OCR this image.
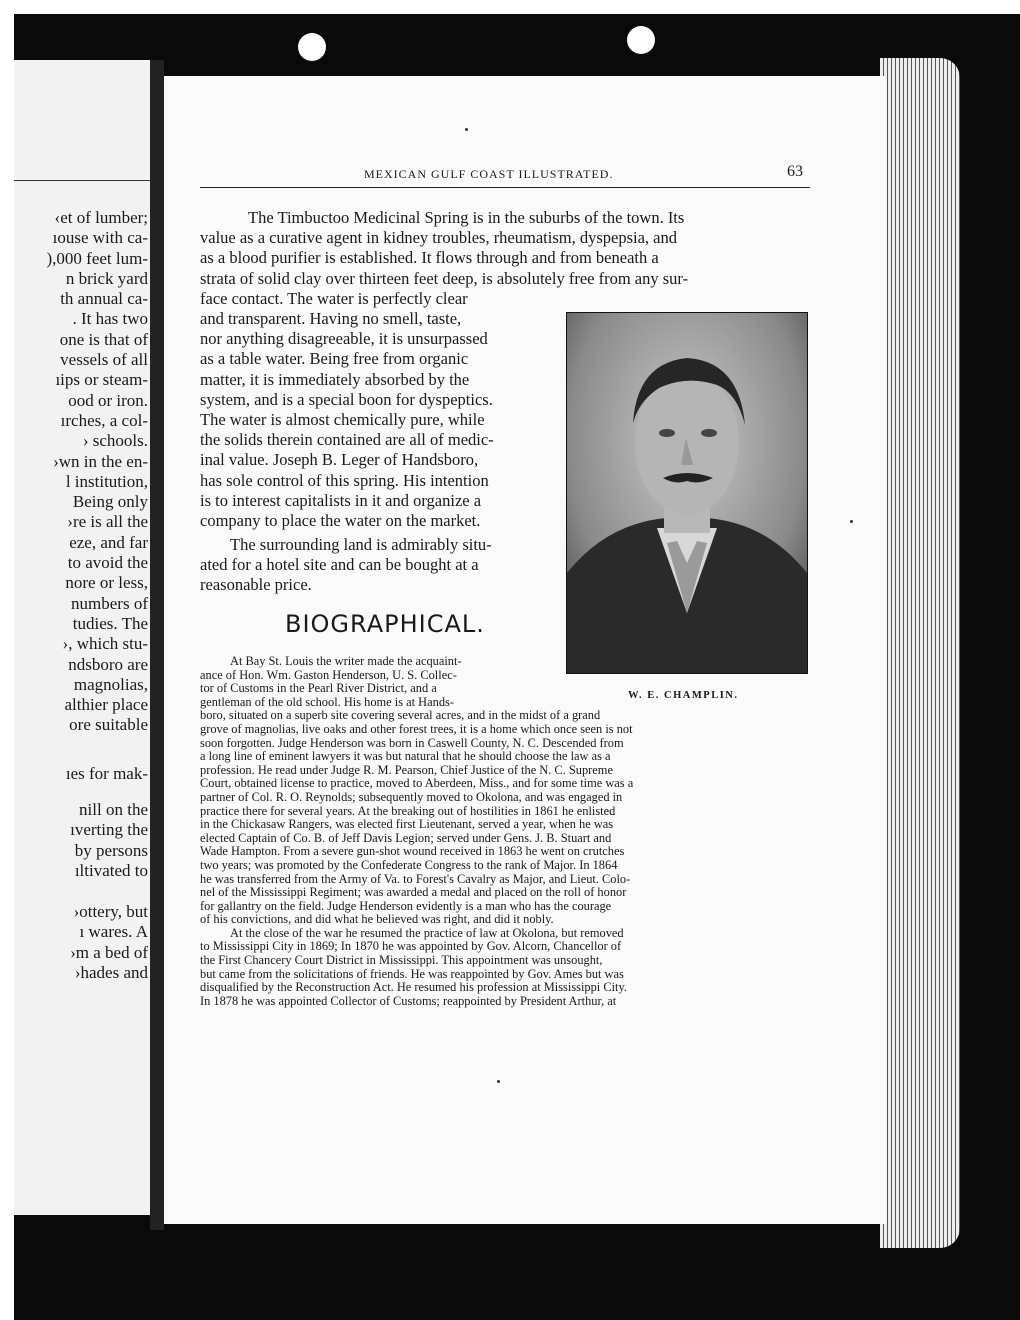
‹et of lumber;
ıouse with ca-
),000 feet lum-
n brick yard
th annual ca-
. It has two
one is that of
vessels of all
ıips or steam-
ood or iron.
ırches, a col-
› schools.
›wn in the en-
l institution,
Being only
›re is all the
eze, and far
to avoid the
nore or less,
numbers of
tudies. The
›, which stu-
ndsboro are
magnolias,
althier place
ore suitable
ıes for mak-
nill on the
ıverting the
by persons
ıltivated to
›ottery, but
ı wares. A
›m a bed of
›hades and
MEXICAN GULF COAST ILLUSTRATED.	63
The Timbuctoo Medicinal Spring is in the suburbs of the town. Its
value as a curative agent in kidney troubles, rheumatism, dyspepsia, and
as a blood purifier is established. It flows through and from beneath a
strata of solid clay over thirteen feet deep, is absolutely free from any sur-
face contact. The water is perfectly clear
and transparent. Having no smell, taste,
nor anything disagreeable, it is unsurpassed
as a table water. Being free from organic
matter, it is immediately absorbed by the
system, and is a special boon for dyspeptics.
The water is almost chemically pure, while
the solids therein contained are all of medic-
inal value. Joseph B. Leger of Handsboro,
has sole control of this spring. His intention
is to interest capitalists in it and organize a
company to place the water on the market.
The surrounding land is admirably situ-
ated for a hotel site and can be bought at a
reasonable price.
W. E. CHAMPLIN.
BIOGRAPHICAL.
At Bay St. Louis the writer made the acquaint-
ance of Hon. Wm. Gaston Henderson, U. S. Collec-
tor of Customs in the Pearl River District, and a
gentleman of the old school. His home is at Hands-
boro, situated on a superb site covering several acres, and in the midst of a grand
grove of magnolias, live oaks and other forest trees, it is a home which once seen is not
soon forgotten. Judge Henderson was born in Caswell County, N. C. Descended from
a long line of eminent lawyers it was but natural that he should choose the law as a
profession. He read under Judge R. M. Pearson, Chief Justice of the N. C. Supreme
Court, obtained license to practice, moved to Aberdeen, Miss., and for some time was a
partner of Col. R. O. Reynolds; subsequently moved to Okolona, and was engaged in
practice there for several years. At the breaking out of hostilities in 1861 he enlisted
in the Chickasaw Rangers, was elected first Lieutenant, served a year, when he was
elected Captain of Co. B. of Jeff Davis Legion; served under Gens. J. B. Stuart and
Wade Hampton. From a severe gun-shot wound received in 1863 he went on crutches
two years; was promoted by the Confederate Congress to the rank of Major. In 1864
he was transferred from the Army of Va. to Forest's Cavalry as Major, and Lieut. Colo-
nel of the Mississippi Regiment; was awarded a medal and placed on the roll of honor
for gallantry on the field. Judge Henderson evidently is a man who has the courage
of his convictions, and did what he believed was right, and did it nobly.
At the close of the war he resumed the practice of law at Okolona, but removed
to Mississippi City in 1869; In 1870 he was appointed by Gov. Alcorn, Chancellor of
the First Chancery Court District in Mississippi. This appointment was unsought,
but came from the solicitations of friends. He was reappointed by Gov. Ames but was
disqualified by the Reconstruction Act. He resumed his profession at Mississippi City.
In 1878 he was appointed Collector of Customs; reappointed by President Arthur, at
